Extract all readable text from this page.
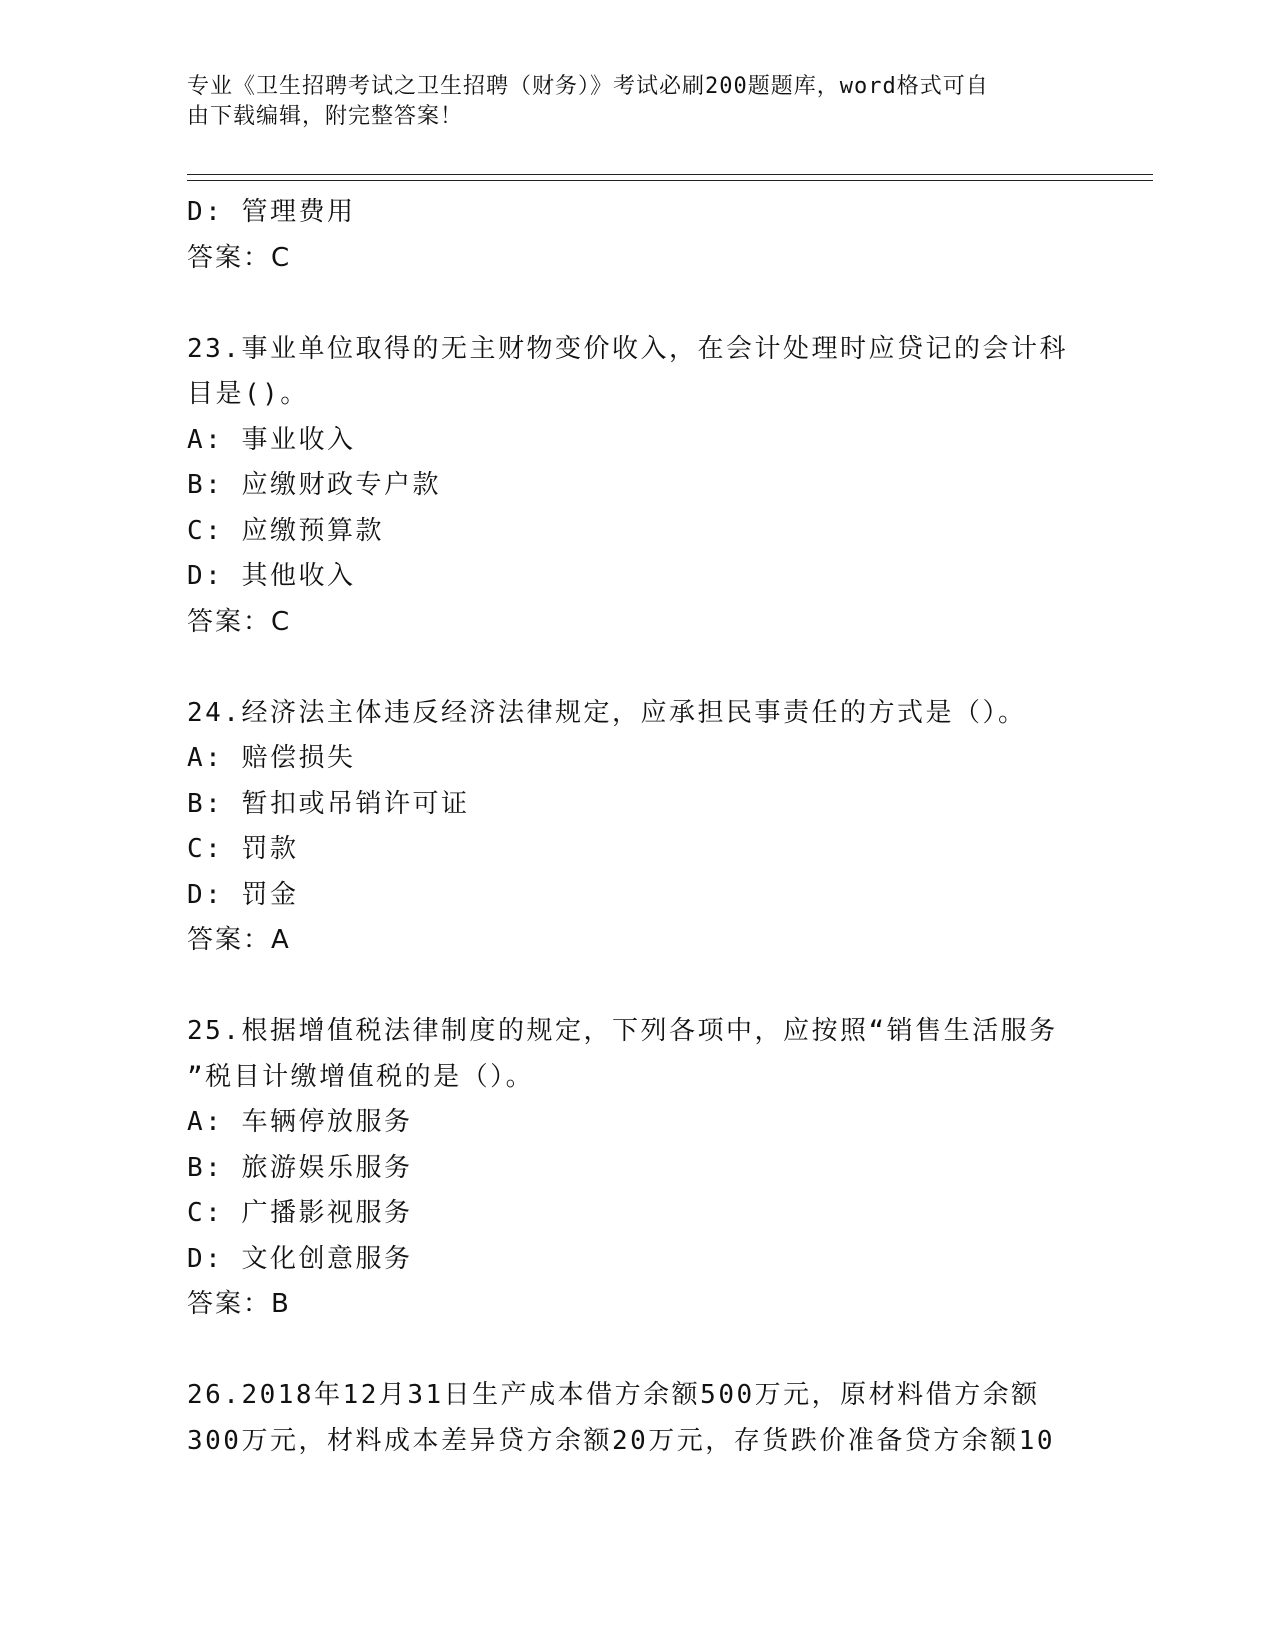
专业《卫生招聘考试之卫生招聘（财务）》考试必刷200题题库，word格式可自
由下载编辑，附完整答案！
D: 管理费用
答案：C
23.事业单位取得的无主财物变价收入，在会计处理时应贷记的会计科
目是()。
A: 事业收入
B: 应缴财政专户款
C: 应缴预算款
D: 其他收入
答案：C
24.经济法主体违反经济法律规定，应承担民事责任的方式是（）。
A: 赔偿损失
B: 暂扣或吊销许可证
C: 罚款
D: 罚金
答案：A
25.根据增值税法律制度的规定，下列各项中，应按照“销售生活服务
”税目计缴增值税的是（）。
A: 车辆停放服务
B: 旅游娱乐服务
C: 广播影视服务
D: 文化创意服务
答案：B
26.2018年12月31日生产成本借方余额500万元，原材料借方余额
300万元，材料成本差异贷方余额20万元，存货跌价准备贷方余额10
